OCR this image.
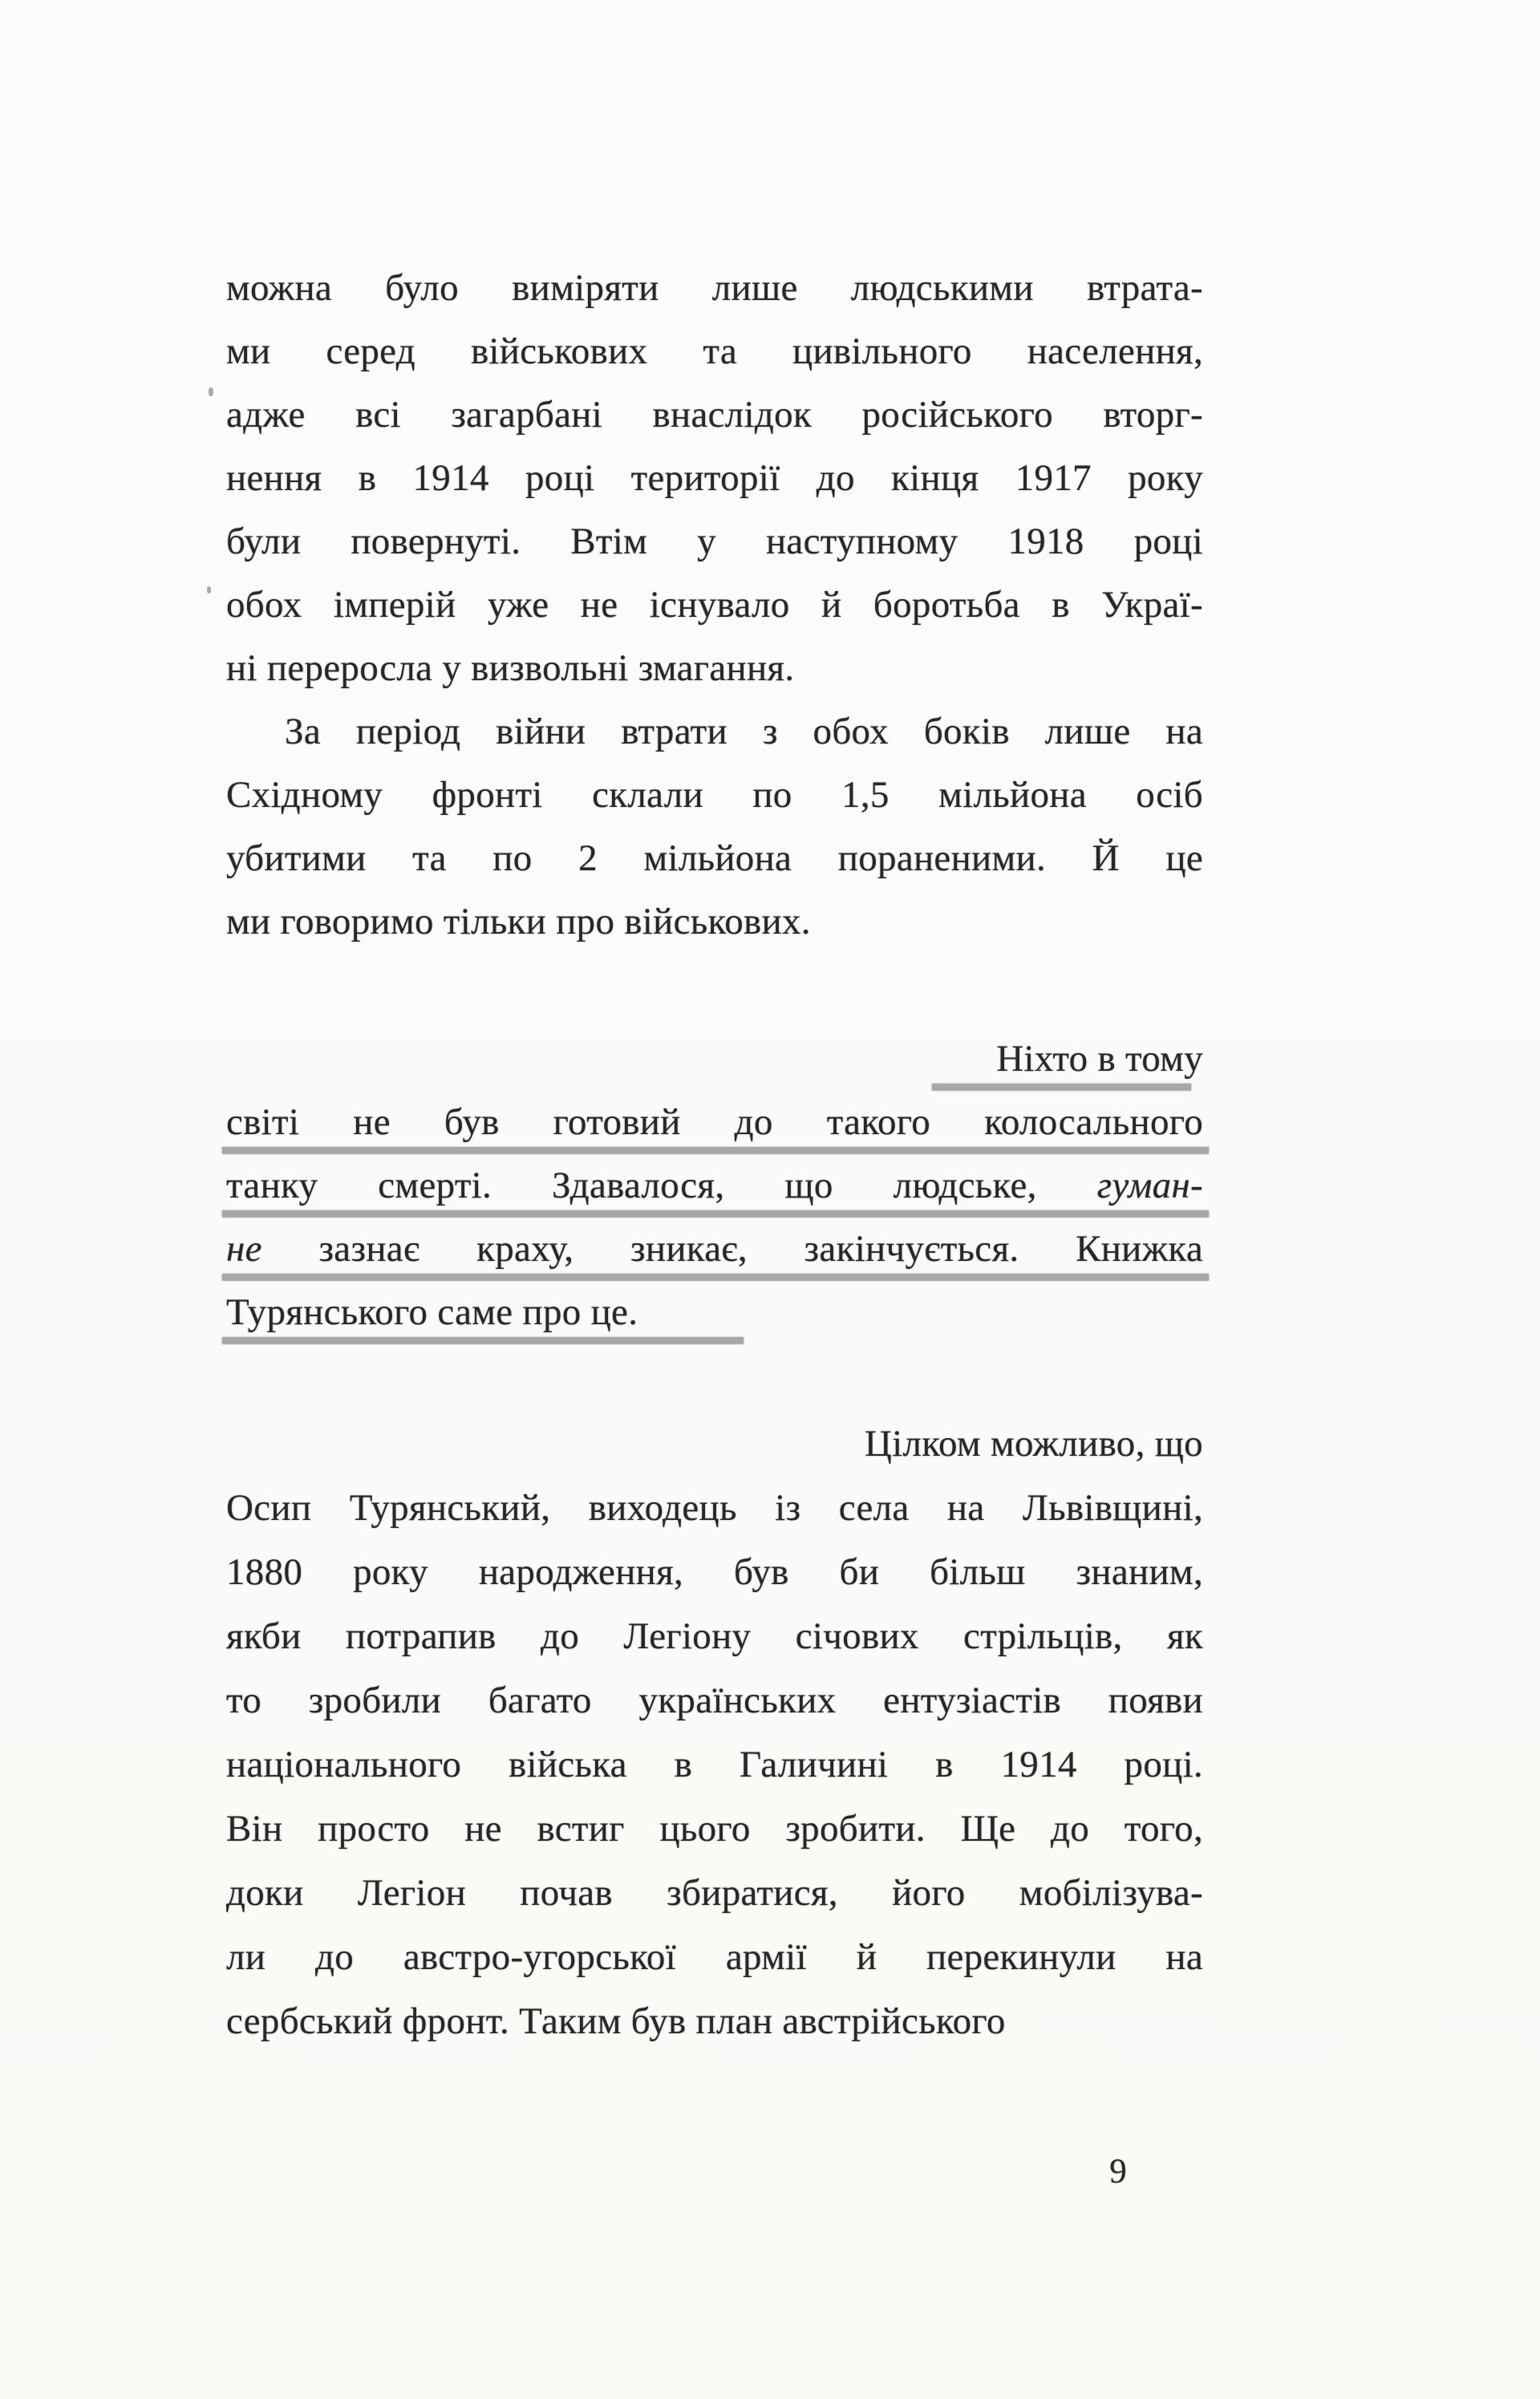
можна було виміряти лише людськими втрата-
ми серед військових та цивільного населення,
адже всі загарбані внаслідок російського вторг-
нення в 1914 році території до кінця 1917 року
були повернуті. Втім у наступному 1918 році
обох імперій уже не існувало й боротьба в Украї-
ні переросла у визвольні змагання.
За період війни втрати з обох боків лише на
Східному фронті склали по 1,5 мільйона осіб
убитими та по 2 мільйона пораненими. Й це
ми говоримо тільки про військових.
Ніхто в тому
світі не був готовий до такого колосального
танку смерті. Здавалося, що людське, гуман-
не зазнає краху, зникає, закінчується. Книжка
Турянського саме про це.
Цілком можливо, що
Осип Турянський, виходець із села на Львівщині,
1880 року народження, був би більш знаним,
якби потрапив до Легіону січових стрільців, як
то зробили багато українських ентузіастів появи
національного війська в Галичині в 1914 році.
Він просто не встиг цього зробити. Ще до того,
доки Легіон почав збиратися, його мобілізува-
ли до австро-угорської армії й перекинули на
сербський фронт. Таким був план австрійського
9
